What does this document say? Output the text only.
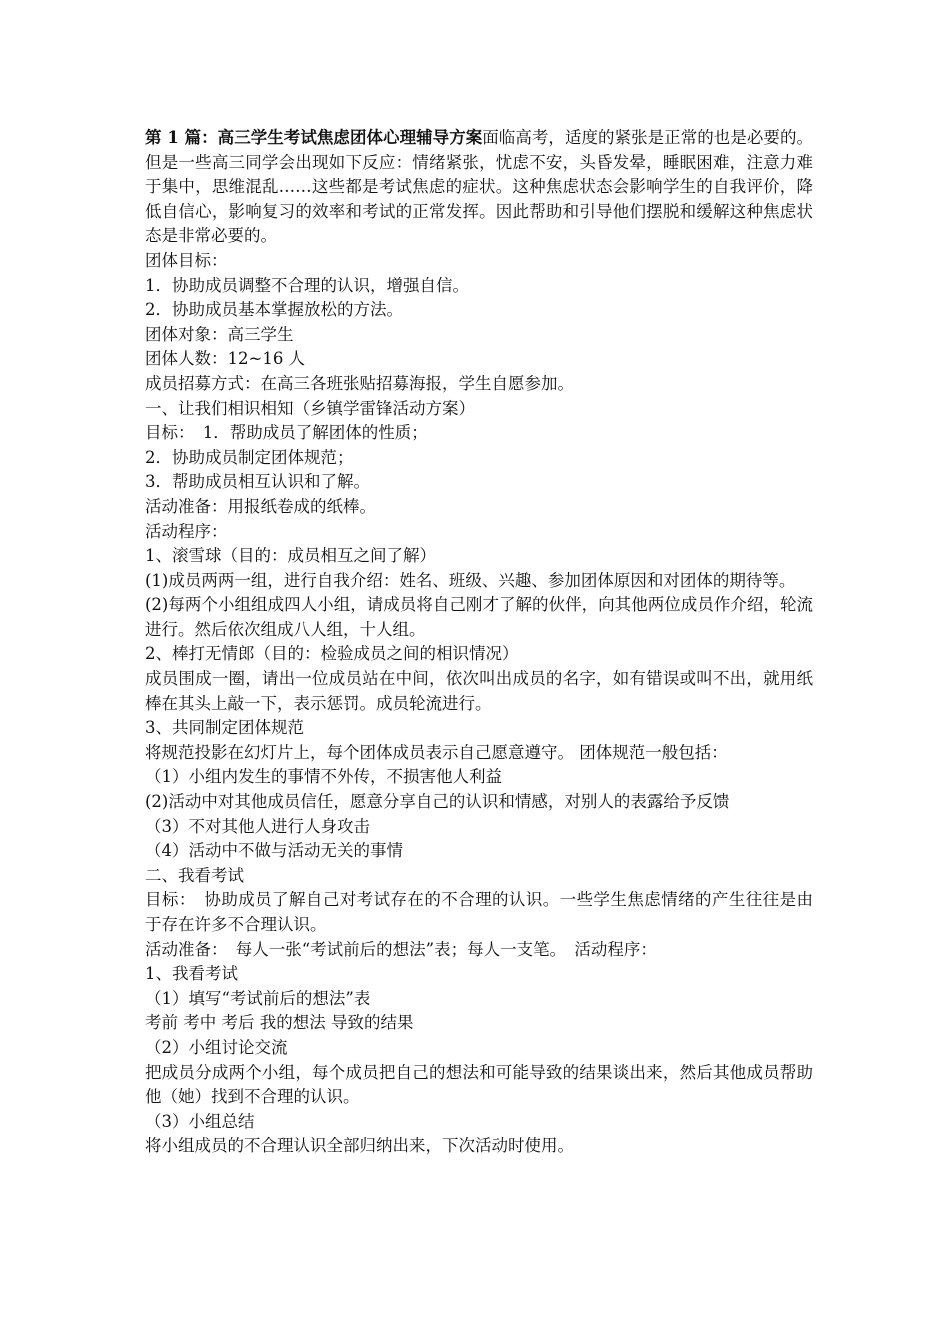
第 1 篇：高三学生考试焦虑团体心理辅导方案面临高考，适度的紧张是正常的也是必要的。但是一些高三同学会出现如下反应：情绪紧张，忧虑不安，头昏发晕，睡眠困难，注意力难于集中，思维混乱……这些都是考试焦虑的症状。这种焦虑状态会影响学生的自我评价，降低自信心，影响复习的效率和考试的正常发挥。因此帮助和引导他们摆脱和缓解这种焦虑状态是非常必要的。
团体目标：
1．协助成员调整不合理的认识，增强自信。
2．协助成员基本掌握放松的方法。
团体对象：高三学生
团体人数：12~16 人
成员招募方式：在高三各班张贴招募海报，学生自愿参加。
一、让我们相识相知（乡镇学雷锋活动方案）
目标：　1．帮助成员了解团体的性质；
2．协助成员制定团体规范；
3．帮助成员相互认识和了解。
活动准备：用报纸卷成的纸棒。
活动程序：
1、滚雪球（目的：成员相互之间了解）
(1)成员两两一组，进行自我介绍：姓名、班级、兴趣、参加团体原因和对团体的期待等。
(2)每两个小组组成四人小组，请成员将自己刚才了解的伙伴，向其他两位成员作介绍，轮流进行。然后依次组成八人组，十人组。
2、棒打无情郎（目的：检验成员之间的相识情况）
成员围成一圈，请出一位成员站在中间，依次叫出成员的名字，如有错误或叫不出，就用纸棒在其头上敲一下，表示惩罚。成员轮流进行。
3、共同制定团体规范
将规范投影在幻灯片上，每个团体成员表示自己愿意遵守。 团体规范一般包括：
（1）小组内发生的事情不外传，不损害他人利益
(2)活动中对其他成员信任，愿意分享自己的认识和情感，对别人的表露给予反馈
（3）不对其他人进行人身攻击
（4）活动中不做与活动无关的事情
二、我看考试
目标：　协助成员了解自己对考试存在的不合理的认识。一些学生焦虑情绪的产生往往是由于存在许多不合理认识。
活动准备：　每人一张“考试前后的想法”表；每人一支笔。　活动程序：
1、我看考试
（1）填写“考试前后的想法”表
考前 考中 考后 我的想法 导致的结果
（2）小组讨论交流
把成员分成两个小组，每个成员把自己的想法和可能导致的结果谈出来，然后其他成员帮助他（她）找到不合理的认识。
（3）小组总结
将小组成员的不合理认识全部归纳出来，下次活动时使用。
